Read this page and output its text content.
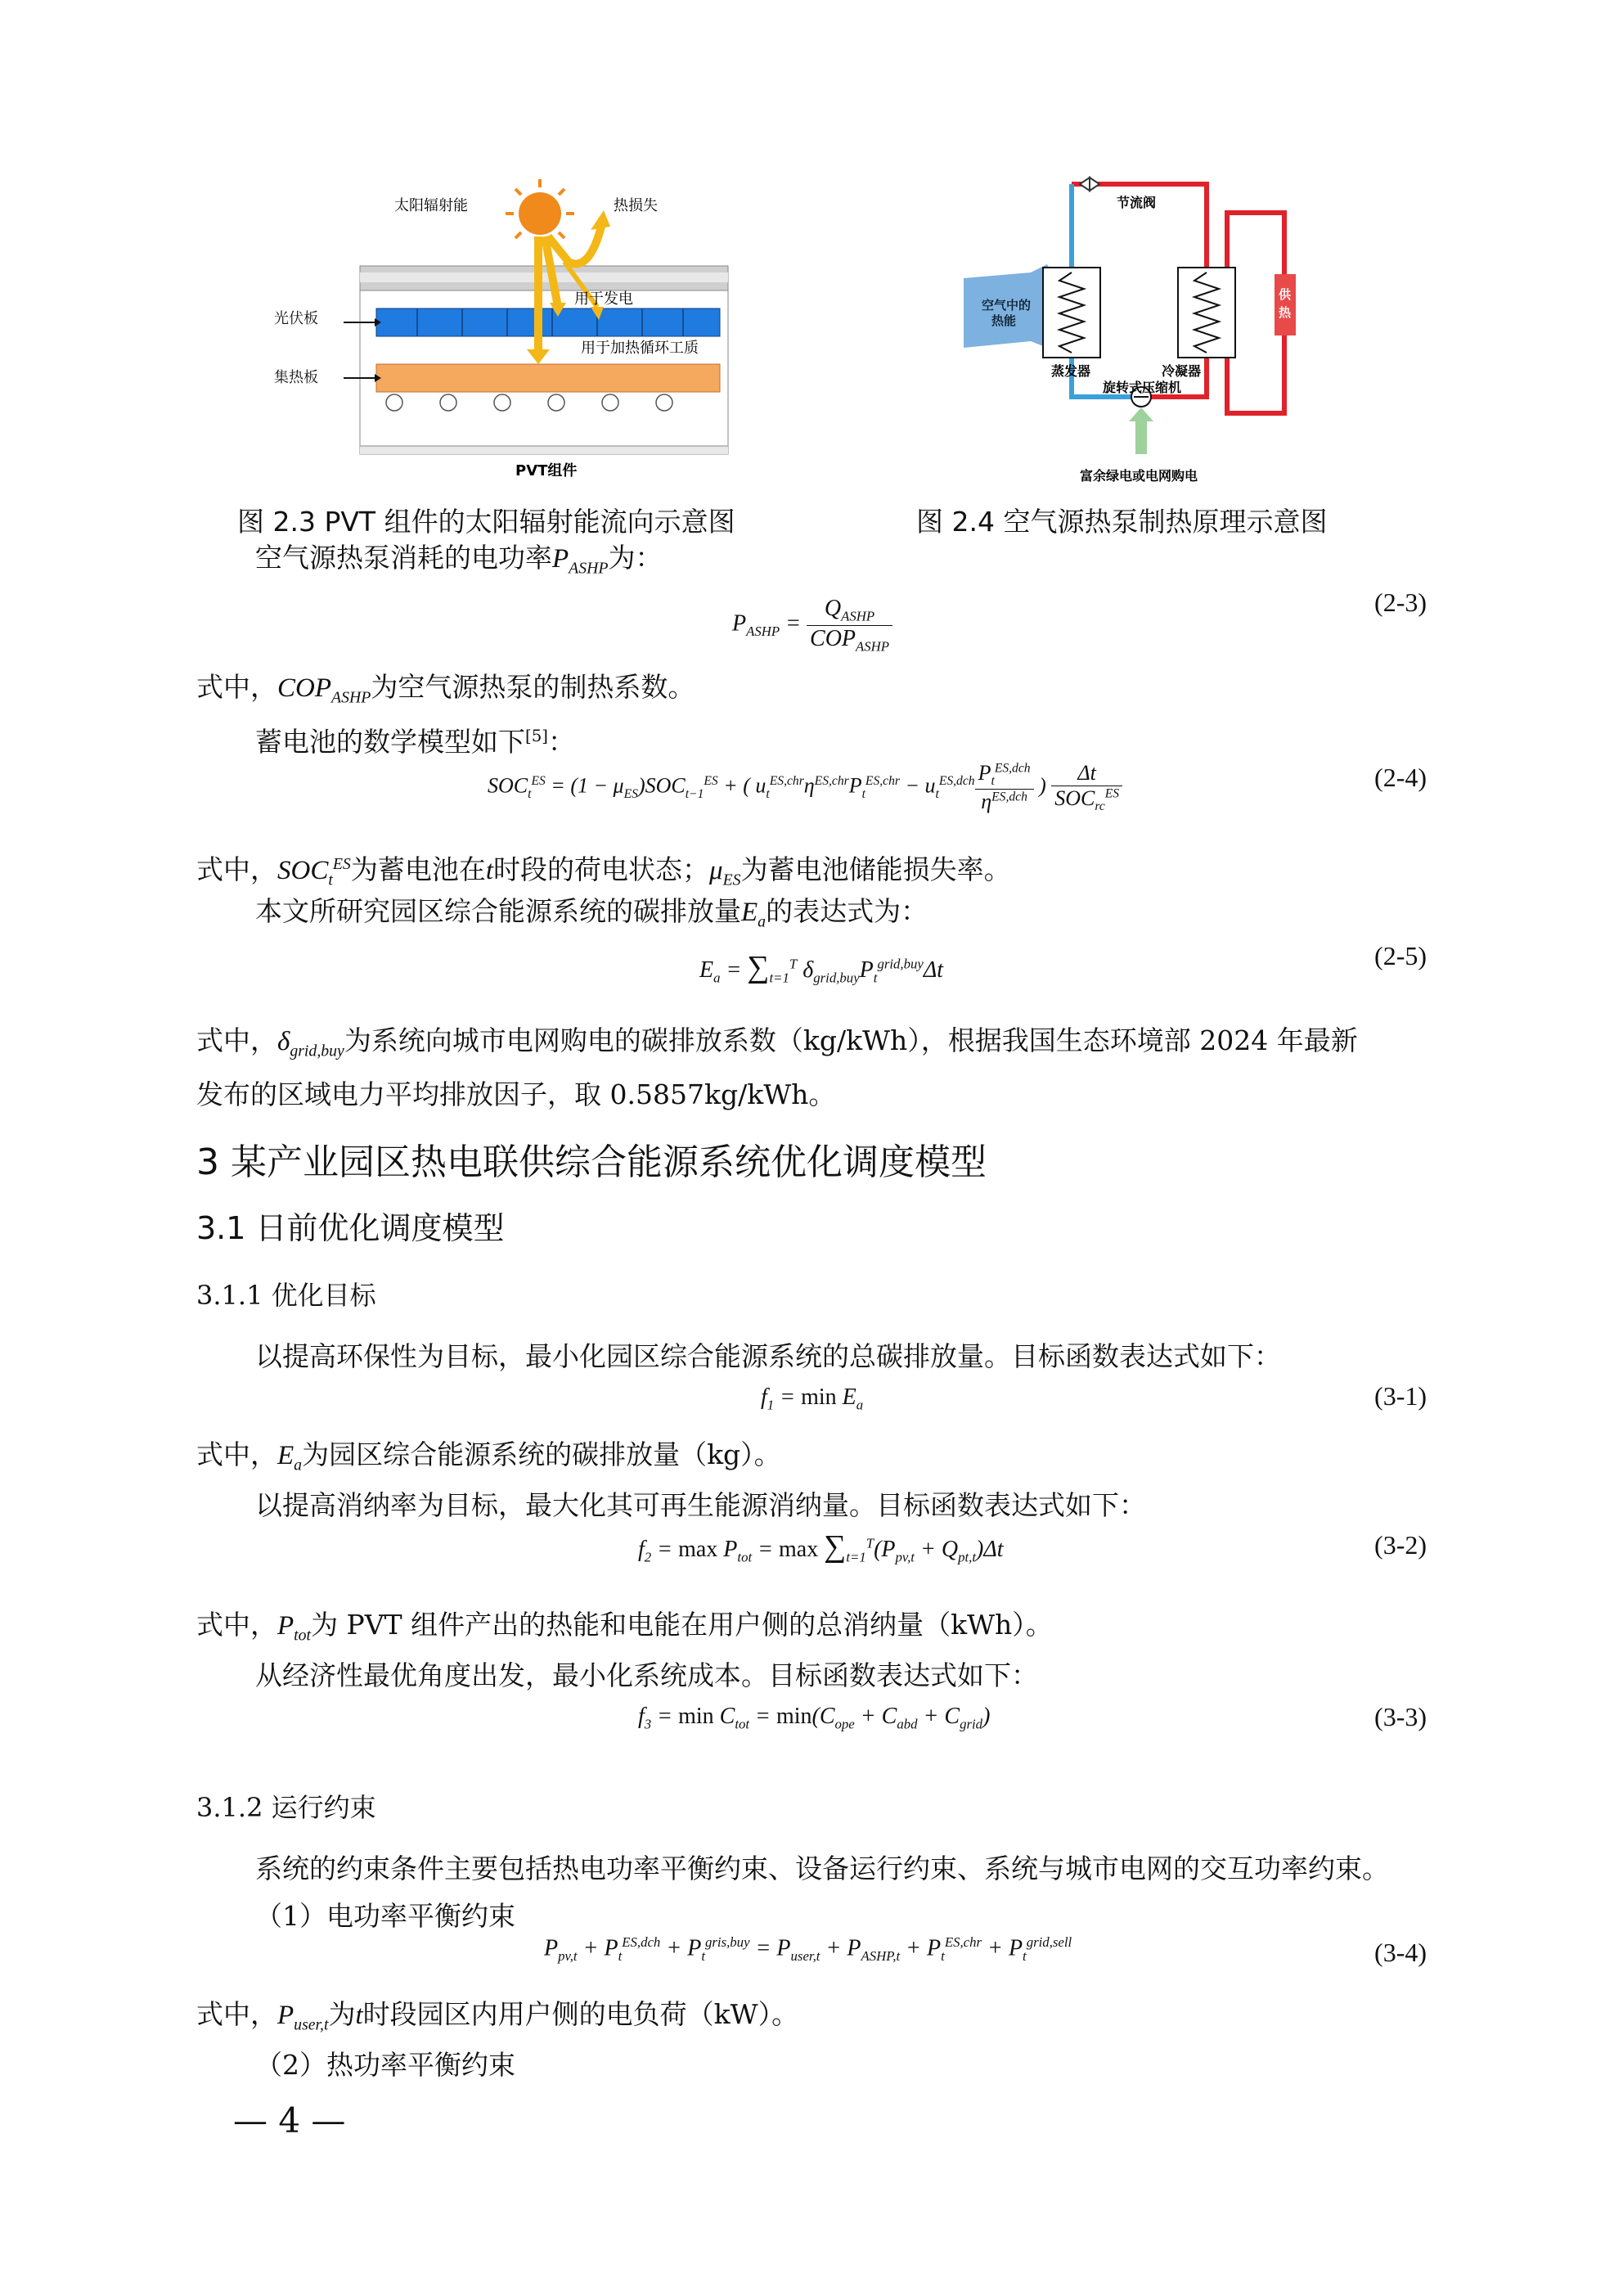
太阳辐射能	热损失
用于发电
用于加热循环工质
PVT组件
光伏板
集热板
图 2.3 PVT 组件的太阳辐射能流向示意图
节流阀
空气中的
热能
供
热
蒸发器	冷凝器
旋转式压缩机
富余绿电或电网购电
图 2.4 空气源热泵制热原理示意图
空气源热泵消耗的电功率$P_{ASHP}$为：
$P_{ASHP} = \frac{Q_{ASHP}}{COP_{ASHP}}$	(2-3)
式中，$COP_{ASHP}$为空气源热泵的制热系数。
蓄电池的数学模型如下[5]：
$SOC_t^{ES} = (1 - \mu_{ES})SOC_{t-1}^{ES}$ + ( $u_t^{ES,chr}\eta^{ES,chr}P_t^{ES,chr} - u_t^{ES,dch} \frac{P_t^{ES,dch}}{\eta^{ES,dch}}$ ) $\frac{\Delta t}{SOC_{rc}^{ES}}$	(2-4)
式中，$SOC_t^{ES}$为蓄电池在t时段的荷电状态；$\mu_{ES}$为蓄电池储能损失率。
本文所研究园区综合能源系统的碳排放量$E_a$的表达式为：
$E_a = \sum_{t=1}^T$ $\delta_{grid,buy}P_t^{grid,buy}\Delta t$	(2-5)
式中，$\delta_{grid,buy}$为系统向城市电网购电的碳排放系数（kg/kWh），根据我国生态环境部 2024 年最新
发布的区域电力平均排放因子，取 0.5857kg/kWh。
3 某产业园区热电联供综合能源系统优化调度模型
3.1 日前优化调度模型
3.1.1 优化目标
以提高环保性为目标，最小化园区综合能源系统的总碳排放量。目标函数表达式如下：
$f_1 = \min E_a$	(3-1)
式中，$E_a$为园区综合能源系统的碳排放量（kg）。
以提高消纳率为目标，最大化其可再生能源消纳量。目标函数表达式如下：
$f_2 = \max P_{tot} = \max \sum_{t=1}^T(P_{pv,t} + Q_{pt,t})\Delta t$	(3-2)
式中，$P_{tot}$为 PVT 组件产出的热能和电能在用户侧的总消纳量（kWh）。
从经济性最优角度出发，最小化系统成本。目标函数表达式如下：
$f_3 = \min C_{tot} = \min(C_{ope} + C_{abd} + C_{grid})$	(3-3)
3.1.2 运行约束
系统的约束条件主要包括热电功率平衡约束、设备运行约束、系统与城市电网的交互功率约束。
（1）电功率平衡约束
$P_{pv,t} + P_t^{ES,dch} + P_t^{gris,buy} = P_{user,t} + P_{ASHP,t} + P_t^{ES,chr} + P_t^{grid,sell}$	(3-4)
式中，$P_{user,t}$为t时段园区内用户侧的电负荷（kW）。
（2）热功率平衡约束
— 4 —
